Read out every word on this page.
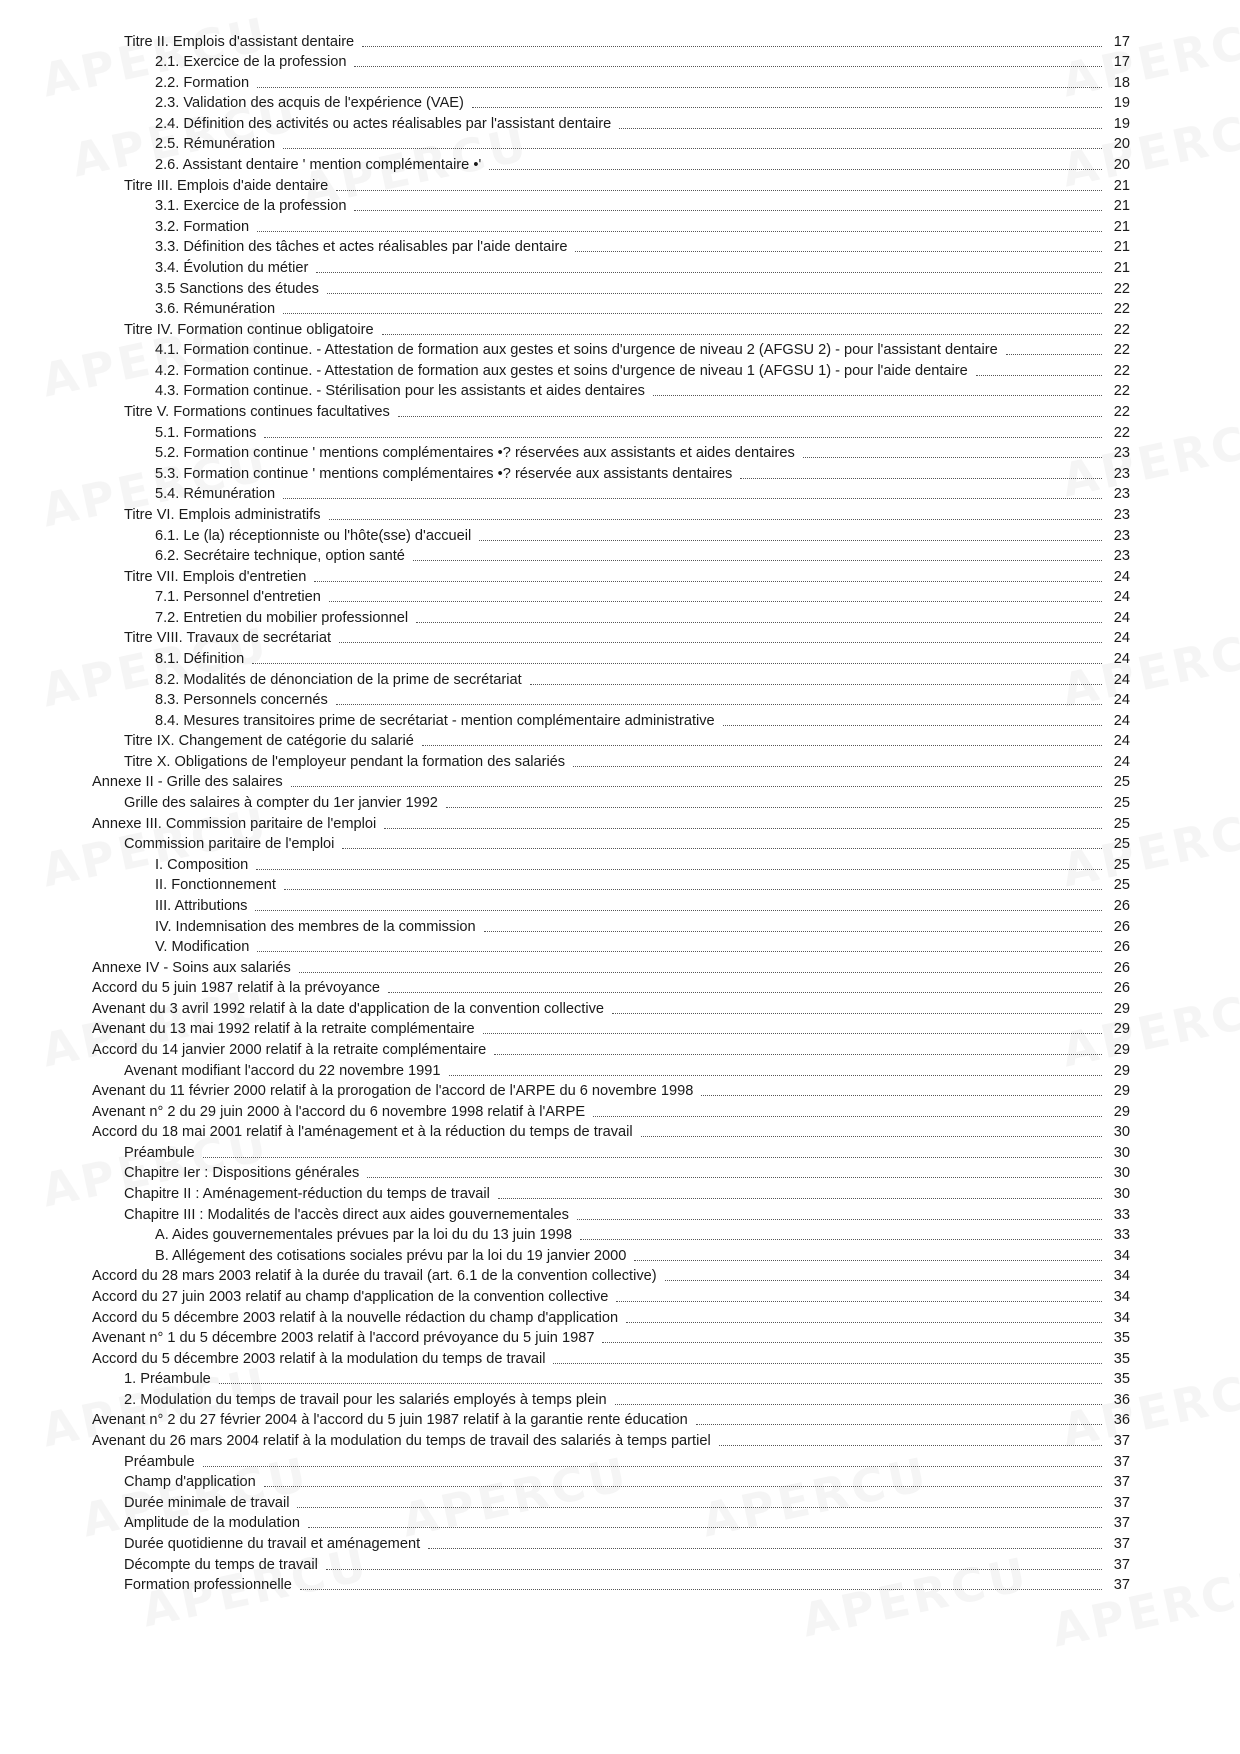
Titre II. Emplois d'assistant dentaire	17
2.1. Exercice de la profession	17
2.2. Formation	18
2.3. Validation des acquis de l'expérience (VAE)	19
2.4. Définition des activités ou actes réalisables par l'assistant dentaire	19
2.5. Rémunération	20
2.6. Assistant dentaire ' mention complémentaire •'	20
Titre III. Emplois d'aide dentaire	21
3.1. Exercice de la profession	21
3.2. Formation	21
3.3. Définition des tâches et actes réalisables par l'aide dentaire	21
3.4. Évolution du métier	21
3.5 Sanctions des études	22
3.6. Rémunération	22
Titre IV. Formation continue obligatoire	22
4.1. Formation continue. - Attestation de formation aux gestes et soins d'urgence de niveau 2 (AFGSU 2) - pour l'assistant dentaire	22
4.2. Formation continue. - Attestation de formation aux gestes et soins d'urgence de niveau 1 (AFGSU 1) - pour l'aide dentaire	22
4.3. Formation continue. - Stérilisation pour les assistants et aides dentaires	22
Titre V. Formations continues facultatives	22
5.1. Formations	22
5.2. Formation continue ' mentions complémentaires •? réservées aux assistants et aides dentaires	23
5.3. Formation continue ' mentions complémentaires •? réservée aux assistants dentaires	23
5.4. Rémunération	23
Titre VI. Emplois administratifs	23
6.1. Le (la) réceptionniste ou l'hôte(sse) d'accueil	23
6.2. Secrétaire technique, option santé	23
Titre VII. Emplois d'entretien	24
7.1. Personnel d'entretien	24
7.2. Entretien du mobilier professionnel	24
Titre VIII. Travaux de secrétariat	24
8.1. Définition	24
8.2. Modalités de dénonciation de la prime de secrétariat	24
8.3. Personnels concernés	24
8.4. Mesures transitoires prime de secrétariat - mention complémentaire administrative	24
Titre IX. Changement de catégorie du salarié	24
Titre X. Obligations de l'employeur pendant la formation des salariés	24
Annexe II - Grille des salaires	25
Grille des salaires à compter du 1er janvier 1992	25
Annexe III. Commission paritaire de l'emploi	25
Commission paritaire de l'emploi	25
I. Composition	25
II. Fonctionnement	25
III. Attributions	26
IV. Indemnisation des membres de la commission	26
V. Modification	26
Annexe IV - Soins aux salariés	26
Accord du 5 juin 1987 relatif à la prévoyance	26
Avenant du 3 avril 1992 relatif à la date d'application de la convention collective	29
Avenant du 13 mai 1992 relatif à la retraite complémentaire	29
Accord du 14 janvier 2000 relatif à la retraite complémentaire	29
Avenant modifiant l'accord du 22 novembre 1991	29
Avenant du 11 février 2000 relatif à la prorogation de l'accord de l'ARPE du 6 novembre 1998	29
Avenant n° 2 du 29 juin 2000 à l'accord du 6 novembre 1998 relatif à l'ARPE	29
Accord du 18 mai 2001 relatif à l'aménagement et à la réduction du temps de travail	30
Préambule	30
Chapitre Ier : Dispositions générales	30
Chapitre II : Aménagement-réduction du temps de travail	30
Chapitre III : Modalités de l'accès direct aux aides gouvernementales	33
A. Aides gouvernementales prévues par la loi du du 13 juin 1998	33
B. Allégement des cotisations sociales prévu par la loi du 19 janvier 2000	34
Accord du 28 mars 2003 relatif à la durée du travail (art. 6.1 de la convention collective)	34
Accord du 27 juin 2003 relatif au champ d'application de la convention collective	34
Accord du 5 décembre 2003 relatif à la nouvelle rédaction du champ d'application	34
Avenant n° 1 du 5 décembre 2003 relatif à l'accord prévoyance du 5 juin 1987	35
Accord du 5 décembre 2003 relatif à la modulation du temps de travail	35
1. Préambule	35
2. Modulation du temps de travail pour les salariés employés à temps plein	36
Avenant n° 2 du 27 février 2004 à l'accord du 5 juin 1987 relatif à la garantie rente éducation	36
Avenant du 26 mars 2004 relatif à la modulation du temps de travail des salariés à temps partiel	37
Préambule	37
Champ d'application	37
Durée minimale de travail	37
Amplitude de la modulation	37
Durée quotidienne du travail et aménagement	37
Décompte du temps de travail	37
Formation professionnelle	37
